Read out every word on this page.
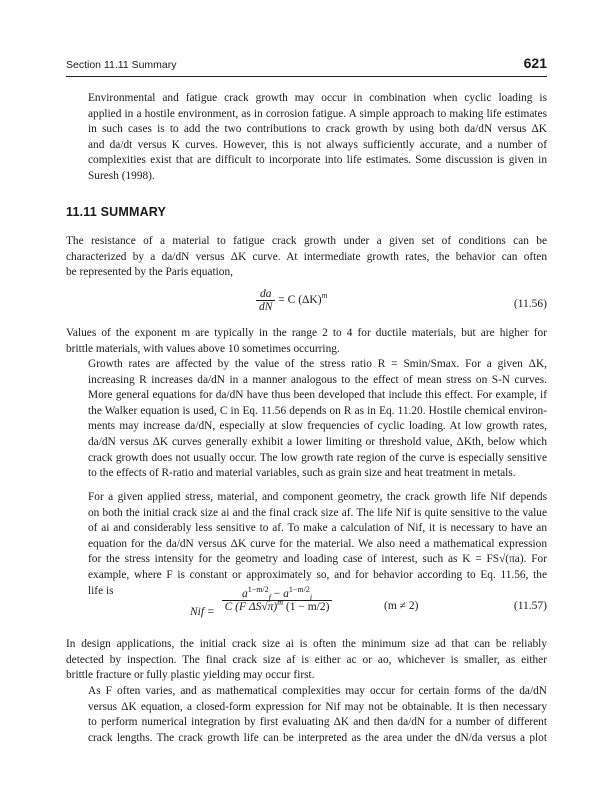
Section 11.11 Summary	621
Environmental and fatigue crack growth may occur in combination when cyclic loading is
applied in a hostile environment, as in corrosion fatigue. A simple approach to making life estimates
in such cases is to add the two contributions to crack growth by using both da/dN versus ΔK
and da/dt versus K curves. However, this is not always sufficiently accurate, and a number of
complexities exist that are difficult to incorporate into life estimates. Some discussion is given in
Suresh (1998).
11.11 SUMMARY
The resistance of a material to fatigue crack growth under a given set of conditions can be
characterized by a da/dN versus ΔK curve. At intermediate growth rates, the behavior can often
be represented by the Paris equation,
$\frac{da}{dN} = C$ $(\Delta K)^m$
(11.56)
Values of the exponent m are typically in the range 2 to 4 for ductile materials, but are higher for
brittle materials, with values above 10 sometimes occurring.
Growth rates are affected by the value of the stress ratio R = Smin/Smax. For a given ΔK,
increasing R increases da/dN in a manner analogous to the effect of mean stress on S-N curves.
More general equations for da/dN have thus been developed that include this effect. For example, if
the Walker equation is used, C in Eq. 11.56 depends on R as in Eq. 11.20. Hostile chemical environ-
ments may increase da/dN, especially at slow frequencies of cyclic loading. At low growth rates,
da/dN versus ΔK curves generally exhibit a lower limiting or threshold value, ΔKth, below which
crack growth does not usually occur. The low growth rate region of the curve is especially sensitive
to the effects of R-ratio and material variables, such as grain size and heat treatment in metals.
For a given applied stress, material, and component geometry, the crack growth life Nif depends
on both the initial crack size ai and the final crack size af. The life Nif is quite sensitive to the value
of ai and considerably less sensitive to af. To make a calculation of Nif, it is necessary to have an
equation for the da/dN versus ΔK curve for the material. We also need a mathematical expression
for the stress intensity for the geometry and loading case of interest, such as K = FS√(πa). For
example, where F is constant or approximately so, and for behavior according to Eq. 11.56, the
life is
Nif = $\frac{a^{1-m/2}_f - a^{1-m/2}_i}{C (F \Delta S√\pi)^m (1 - m/2)}$	(m ≠ 2)	(11.57)
In design applications, the initial crack size ai is often the minimum size ad that can be reliably
detected by inspection. The final crack size af is either ac or ao, whichever is smaller, as either
brittle fracture or fully plastic yielding may occur first.
As F often varies, and as mathematical complexities may occur for certain forms of the da/dN
versus ΔK equation, a closed-form expression for Nif may not be obtainable. It is then necessary
to perform numerical integration by first evaluating ΔK and then da/dN for a number of different
crack lengths. The crack growth life can be interpreted as the area under the dN/da versus a plot
